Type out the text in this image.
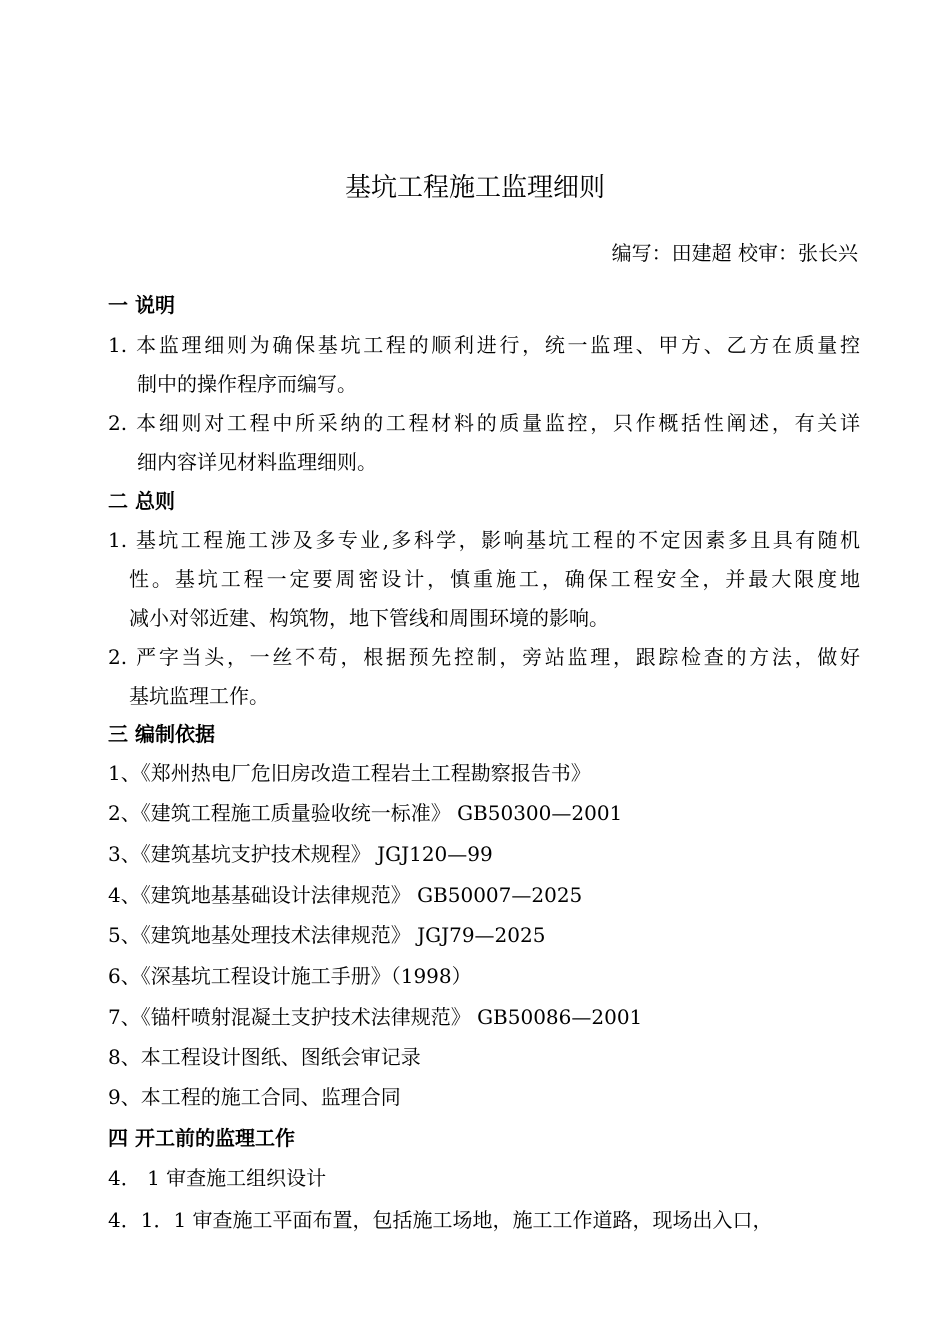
基坑工程施工监理细则
编写：田建超 校审：张长兴
一 说明
1. 本监理细则为确保基坑工程的顺利进行，统一监理、甲方、乙方在质量控
制中的操作程序而编写。
2. 本细则对工程中所采纳的工程材料的质量监控，只作概括性阐述，有关详
细内容详见材料监理细则。
二 总则
1. 基坑工程施工涉及多专业,多科学，影响基坑工程的不定因素多且具有随机
性。基坑工程一定要周密设计，慎重施工，确保工程安全，并最大限度地
减小对邻近建、构筑物，地下管线和周围环境的影响。
2. 严字当头，一丝不苟，根据预先控制，旁站监理，跟踪检查的方法，做好
基坑监理工作。
三 编制依据
1、《郑州热电厂危旧房改造工程岩土工程勘察报告书》
2、《建筑工程施工质量验收统一标准》 GB50300—2001
3、《建筑基坑支护技术规程》 JGJ120—99
4、《建筑地基基础设计法律规范》 GB50007—2025
5、《建筑地基处理技术法律规范》 JGJ79—2025
6、《深基坑工程设计施工手册》（1998）
7、《锚杆喷射混凝土支护技术法律规范》 GB50086—2001
8、本工程设计图纸、图纸会审记录
9、本工程的施工合同、监理合同
四 开工前的监理工作
4． 1 审查施工组织设计
4．1．1 审查施工平面布置，包括施工场地，施工工作道路，现场出入口，
